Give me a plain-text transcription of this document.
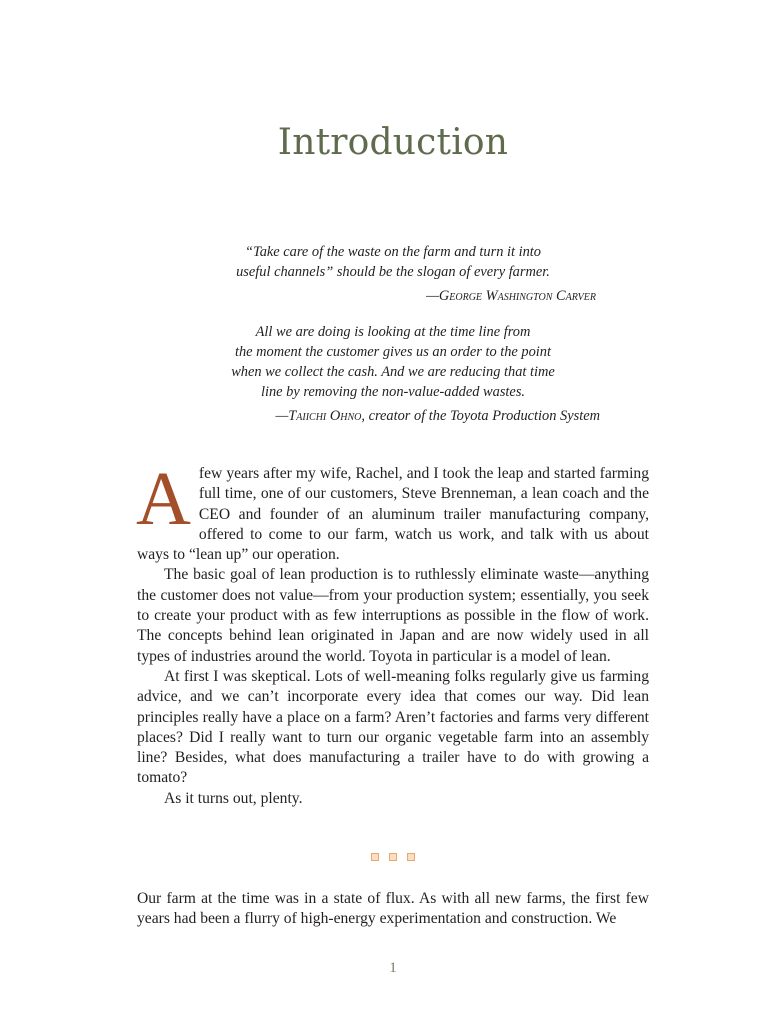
Introduction

“Take care of the waste on the farm and turn it into
useful channels” should be the slogan of every farmer.

—George Washington Carver

All we are doing is looking at the time line from
the moment the customer gives us an order to the point
when we collect the cash. And we are reducing that time
line by removing the non-value-added wastes.

—Taiichi Ohno, creator of the Toyota Production System

Afew years after my wife, Rachel, and I took the leap and started farming full time, one of our customers, Steve Brenneman, a lean coach and the CEO and founder of an aluminum trailer manufacturing company, offered to come to our farm, watch us work, and talk with us about ways to “lean up” our operation.

The basic goal of lean production is to ruthlessly eliminate waste—anything the customer does not value—from your production system; essentially, you seek to create your product with as few interruptions as possible in the flow of work. The concepts behind lean originated in Japan and are now widely used in all types of industries around the world. Toyota in particular is a model of lean.

At first I was skeptical. Lots of well-meaning folks regularly give us farming advice, and we can’t incorporate every idea that comes our way. Did lean principles really have a place on a farm? Aren’t factories and farms very different places? Did I really want to turn our organic vegetable farm into an assembly line? Besides, what does manufacturing a trailer have to do with growing a tomato?

As it turns out, plenty.

Our farm at the time was in a state of flux. As with all new farms, the first few years had been a flurry of high-energy experimentation and construction. We

1
